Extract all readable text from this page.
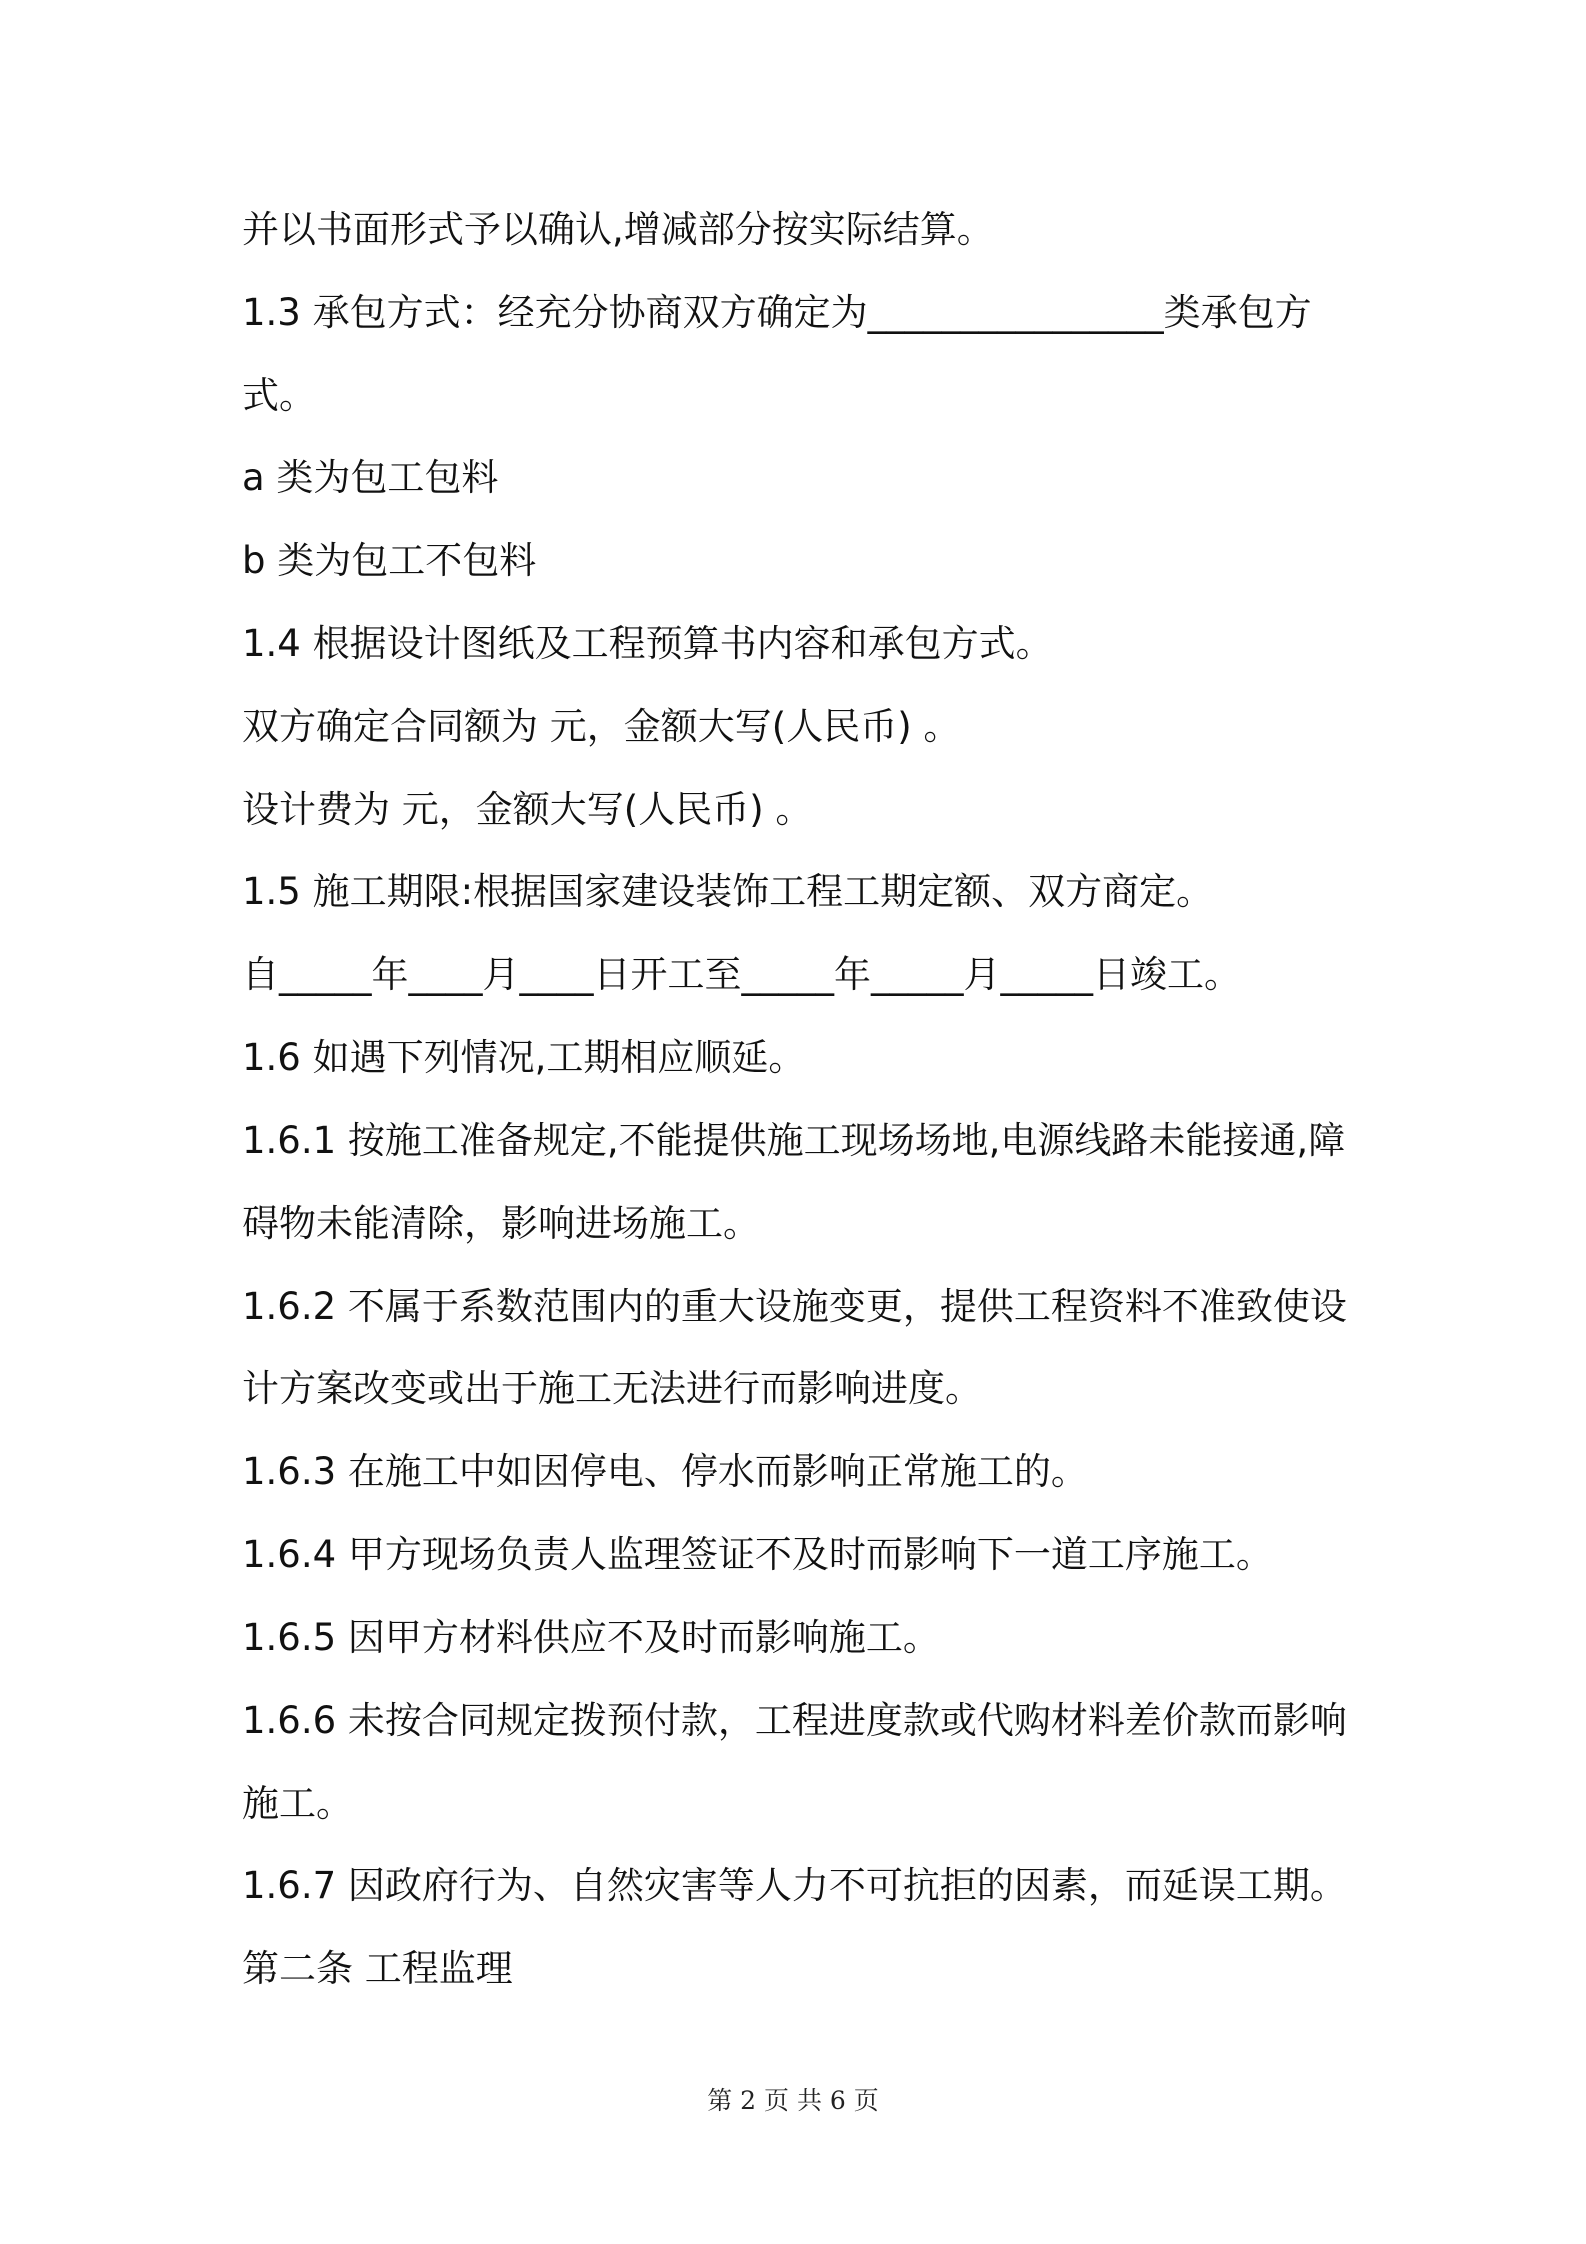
并以书面形式予以确认,增减部分按实际结算。
1.3 承包方式：经充分协商双方确定为________________类承包方
式。
a 类为包工包料
b 类为包工不包料
1.4 根据设计图纸及工程预算书内容和承包方式。
双方确定合同额为 元，金额大写(人民币) 。
设计费为 元，金额大写(人民币) 。
1.5 施工期限:根据国家建设装饰工程工期定额、双方商定。
自_____年____月____日开工至_____年_____月_____日竣工。
1.6 如遇下列情况,工期相应顺延。
1.6.1 按施工准备规定,不能提供施工现场场地,电源线路未能接通,障
碍物未能清除，影响进场施工。
1.6.2 不属于系数范围内的重大设施变更，提供工程资料不准致使设
计方案改变或出于施工无法进行而影响进度。
1.6.3 在施工中如因停电、停水而影响正常施工的。
1.6.4 甲方现场负责人监理签证不及时而影响下一道工序施工。
1.6.5 因甲方材料供应不及时而影响施工。
1.6.6 未按合同规定拨预付款，工程进度款或代购材料差价款而影响
施工。
1.6.7 因政府行为、自然灾害等人力不可抗拒的因素，而延误工期。
第二条 工程监理
第 2 页 共 6 页
